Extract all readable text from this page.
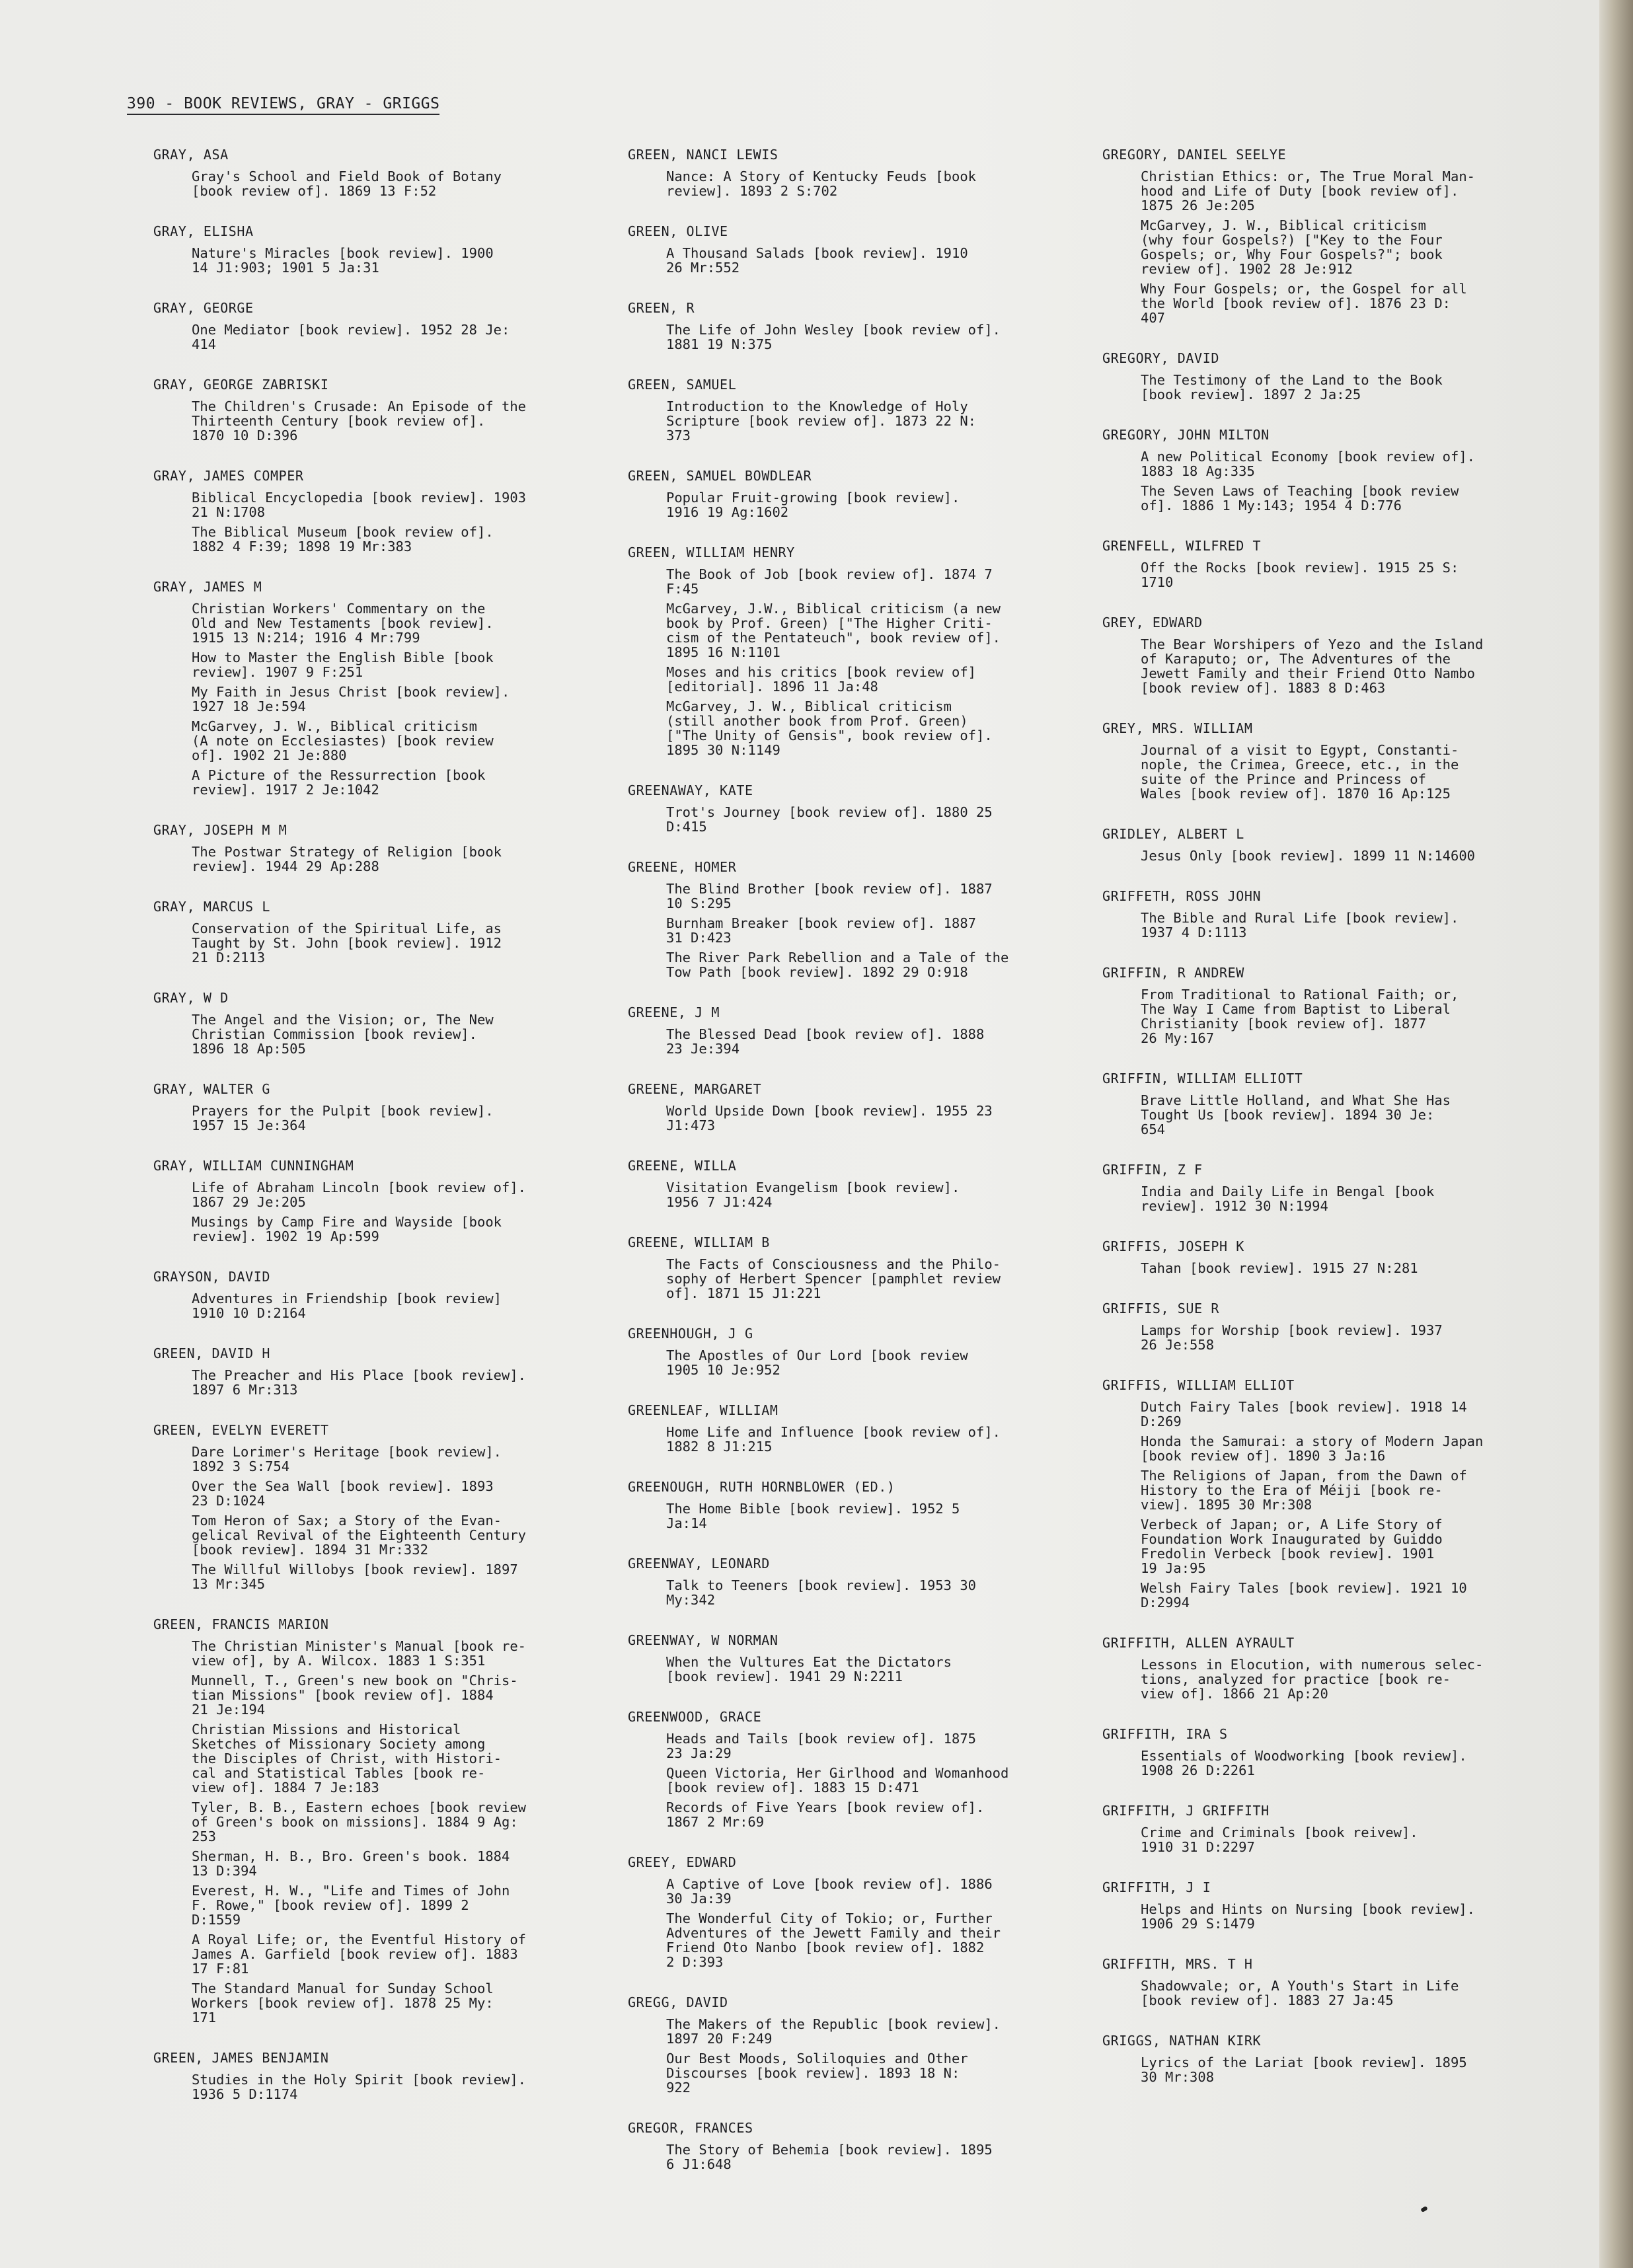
390 - BOOK REVIEWS, GRAY - GRIGGS
GRAY, ASA
Gray's School and Field Book of Botany
[book review of]. 1869 13 F:52
GRAY, ELISHA
Nature's Miracles [book review]. 1900
14 J1:903; 1901 5 Ja:31
GRAY, GEORGE
One Mediator [book review]. 1952 28 Je:
414
GRAY, GEORGE ZABRISKI
The Children's Crusade: An Episode of the
Thirteenth Century [book review of].
1870 10 D:396
GRAY, JAMES COMPER
Biblical Encyclopedia [book review]. 1903
21 N:1708
The Biblical Museum [book review of].
1882 4 F:39; 1898 19 Mr:383
GRAY, JAMES M
Christian Workers' Commentary on the
Old and New Testaments [book review].
1915 13 N:214; 1916 4 Mr:799
How to Master the English Bible [book
review]. 1907 9 F:251
My Faith in Jesus Christ [book review].
1927 18 Je:594
McGarvey, J. W., Biblical criticism
(A note on Ecclesiastes) [book review
of]. 1902 21 Je:880
A Picture of the Ressurrection [book
review]. 1917 2 Je:1042
GRAY, JOSEPH M M
The Postwar Strategy of Religion [book
review]. 1944 29 Ap:288
GRAY, MARCUS L
Conservation of the Spiritual Life, as
Taught by St. John [book review]. 1912
21 D:2113
GRAY, W D
The Angel and the Vision; or, The New
Christian Commission [book review].
1896 18 Ap:505
GRAY, WALTER G
Prayers for the Pulpit [book review].
1957 15 Je:364
GRAY, WILLIAM CUNNINGHAM
Life of Abraham Lincoln [book review of].
1867 29 Je:205
Musings by Camp Fire and Wayside [book
review]. 1902 19 Ap:599
GRAYSON, DAVID
Adventures in Friendship [book review]
1910 10 D:2164
GREEN, DAVID H
The Preacher and His Place [book review].
1897 6 Mr:313
GREEN, EVELYN EVERETT
Dare Lorimer's Heritage [book review].
1892 3 S:754
Over the Sea Wall [book review]. 1893
23 D:1024
Tom Heron of Sax; a Story of the Evan-
gelical Revival of the Eighteenth Century
[book review]. 1894 31 Mr:332
The Willful Willobys [book review]. 1897
13 Mr:345
GREEN, FRANCIS MARION
The Christian Minister's Manual [book re-
view of], by A. Wilcox. 1883 1 S:351
Munnell, T., Green's new book on "Chris-
tian Missions" [book review of]. 1884
21 Je:194
Christian Missions and Historical
Sketches of Missionary Society among
the Disciples of Christ, with Histori-
cal and Statistical Tables [book re-
view of]. 1884 7 Je:183
Tyler, B. B., Eastern echoes [book review
of Green's book on missions]. 1884 9 Ag:
253
Sherman, H. B., Bro. Green's book. 1884
13 D:394
Everest, H. W., "Life and Times of John
F. Rowe," [book review of]. 1899 2
D:1559
A Royal Life; or, the Eventful History of
James A. Garfield [book review of]. 1883
17 F:81
The Standard Manual for Sunday School
Workers [book review of]. 1878 25 My:
171
GREEN, JAMES BENJAMIN
Studies in the Holy Spirit [book review].
1936 5 D:1174
GREEN, NANCI LEWIS
Nance: A Story of Kentucky Feuds [book
review]. 1893 2 S:702
GREEN, OLIVE
A Thousand Salads [book review]. 1910
26 Mr:552
GREEN, R
The Life of John Wesley [book review of].
1881 19 N:375
GREEN, SAMUEL
Introduction to the Knowledge of Holy
Scripture [book review of]. 1873 22 N:
373
GREEN, SAMUEL BOWDLEAR
Popular Fruit-growing [book review].
1916 19 Ag:1602
GREEN, WILLIAM HENRY
The Book of Job [book review of]. 1874 7
F:45
McGarvey, J.W., Biblical criticism (a new
book by Prof. Green) ["The Higher Criti-
cism of the Pentateuch", book review of].
1895 16 N:1101
Moses and his critics [book review of]
[editorial]. 1896 11 Ja:48
McGarvey, J. W., Biblical criticism
(still another book from Prof. Green)
["The Unity of Gensis", book review of].
1895 30 N:1149
GREENAWAY, KATE
Trot's Journey [book review of]. 1880 25
D:415
GREENE, HOMER
The Blind Brother [book review of]. 1887
10 S:295
Burnham Breaker [book review of]. 1887
31 D:423
The River Park Rebellion and a Tale of the
Tow Path [book review]. 1892 29 O:918
GREENE, J M
The Blessed Dead [book review of]. 1888
23 Je:394
GREENE, MARGARET
World Upside Down [book review]. 1955 23
J1:473
GREENE, WILLA
Visitation Evangelism [book review].
1956 7 J1:424
GREENE, WILLIAM B
The Facts of Consciousness and the Philo-
sophy of Herbert Spencer [pamphlet review
of]. 1871 15 J1:221
GREENHOUGH, J G
The Apostles of Our Lord [book review
1905 10 Je:952
GREENLEAF, WILLIAM
Home Life and Influence [book review of].
1882 8 J1:215
GREENOUGH, RUTH HORNBLOWER (ED.)
The Home Bible [book review]. 1952 5
Ja:14
GREENWAY, LEONARD
Talk to Teeners [book review]. 1953 30
My:342
GREENWAY, W NORMAN
When the Vultures Eat the Dictators
[book review]. 1941 29 N:2211
GREENWOOD, GRACE
Heads and Tails [book review of]. 1875
23 Ja:29
Queen Victoria, Her Girlhood and Womanhood
[book review of]. 1883 15 D:471
Records of Five Years [book review of].
1867 2 Mr:69
GREEY, EDWARD
A Captive of Love [book review of]. 1886
30 Ja:39
The Wonderful City of Tokio; or, Further
Adventures of the Jewett Family and their
Friend Oto Nanbo [book review of]. 1882
2 D:393
GREGG, DAVID
The Makers of the Republic [book review].
1897 20 F:249
Our Best Moods, Soliloquies and Other
Discourses [book review]. 1893 18 N:
922
GREGOR, FRANCES
The Story of Behemia [book review]. 1895
6 J1:648
GREGORY, DANIEL SEELYE
Christian Ethics: or, The True Moral Man-
hood and Life of Duty [book review of].
1875 26 Je:205
McGarvey, J. W., Biblical criticism
(why four Gospels?) ["Key to the Four
Gospels; or, Why Four Gospels?"; book
review of]. 1902 28 Je:912
Why Four Gospels; or, the Gospel for all
the World [book review of]. 1876 23 D:
407
GREGORY, DAVID
The Testimony of the Land to the Book
[book review]. 1897 2 Ja:25
GREGORY, JOHN MILTON
A new Political Economy [book review of].
1883 18 Ag:335
The Seven Laws of Teaching [book review
of]. 1886 1 My:143; 1954 4 D:776
GRENFELL, WILFRED T
Off the Rocks [book review]. 1915 25 S:
1710
GREY, EDWARD
The Bear Worshipers of Yezo and the Island
of Karaputo; or, The Adventures of the
Jewett Family and their Friend Otto Nambo
[book review of]. 1883 8 D:463
GREY, MRS. WILLIAM
Journal of a visit to Egypt, Constanti-
nople, the Crimea, Greece, etc., in the
suite of the Prince and Princess of
Wales [book review of]. 1870 16 Ap:125
GRIDLEY, ALBERT L
Jesus Only [book review]. 1899 11 N:14600
GRIFFETH, ROSS JOHN
The Bible and Rural Life [book review].
1937 4 D:1113
GRIFFIN, R ANDREW
From Traditional to Rational Faith; or,
The Way I Came from Baptist to Liberal
Christianity [book review of]. 1877
26 My:167
GRIFFIN, WILLIAM ELLIOTT
Brave Little Holland, and What She Has
Tought Us [book review]. 1894 30 Je:
654
GRIFFIN, Z F
India and Daily Life in Bengal [book
review]. 1912 30 N:1994
GRIFFIS, JOSEPH K
Tahan [book review]. 1915 27 N:281
GRIFFIS, SUE R
Lamps for Worship [book review]. 1937
26 Je:558
GRIFFIS, WILLIAM ELLIOT
Dutch Fairy Tales [book review]. 1918 14
D:269
Honda the Samurai: a story of Modern Japan
[book review of]. 1890 3 Ja:16
The Religions of Japan, from the Dawn of
History to the Era of Méiji [book re-
view]. 1895 30 Mr:308
Verbeck of Japan; or, A Life Story of
Foundation Work Inaugurated by Guiddo
Fredolin Verbeck [book review]. 1901
19 Ja:95
Welsh Fairy Tales [book review]. 1921 10
D:2994
GRIFFITH, ALLEN AYRAULT
Lessons in Elocution, with numerous selec-
tions, analyzed for practice [book re-
view of]. 1866 21 Ap:20
GRIFFITH, IRA S
Essentials of Woodworking [book review].
1908 26 D:2261
GRIFFITH, J GRIFFITH
Crime and Criminals [book reivew].
1910 31 D:2297
GRIFFITH, J I
Helps and Hints on Nursing [book review].
1906 29 S:1479
GRIFFITH, MRS. T H
Shadowvale; or, A Youth's Start in Life
[book review of]. 1883 27 Ja:45
GRIGGS, NATHAN KIRK
Lyrics of the Lariat [book review]. 1895
30 Mr:308
